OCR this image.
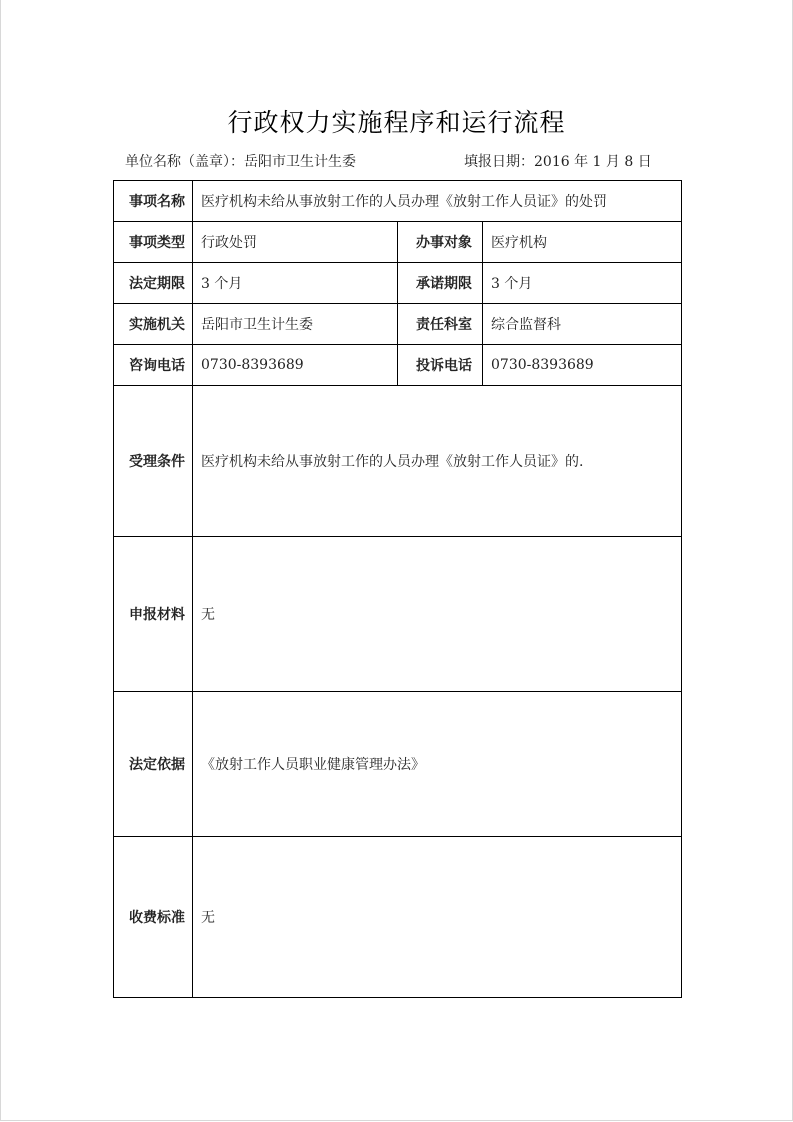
行政权力实施程序和运行流程
单位名称（盖章）：岳阳市卫生计生委	填报日期：2016 年 1 月 8 日
事项名称	医疗机构未给从事放射工作的人员办理《放射工作人员证》的处罚		
事项类型	行政处罚	办事对象	医疗机构
法定期限	3 个月	承诺期限	3 个月
实施机关	岳阳市卫生计生委	责任科室	综合监督科
咨询电话	0730-8393689	投诉电话	0730-8393689
受理条件	医疗机构未给从事放射工作的人员办理《放射工作人员证》的.		
申报材料	无		
法定依据	《放射工作人员职业健康管理办法》		
收费标准	无		
